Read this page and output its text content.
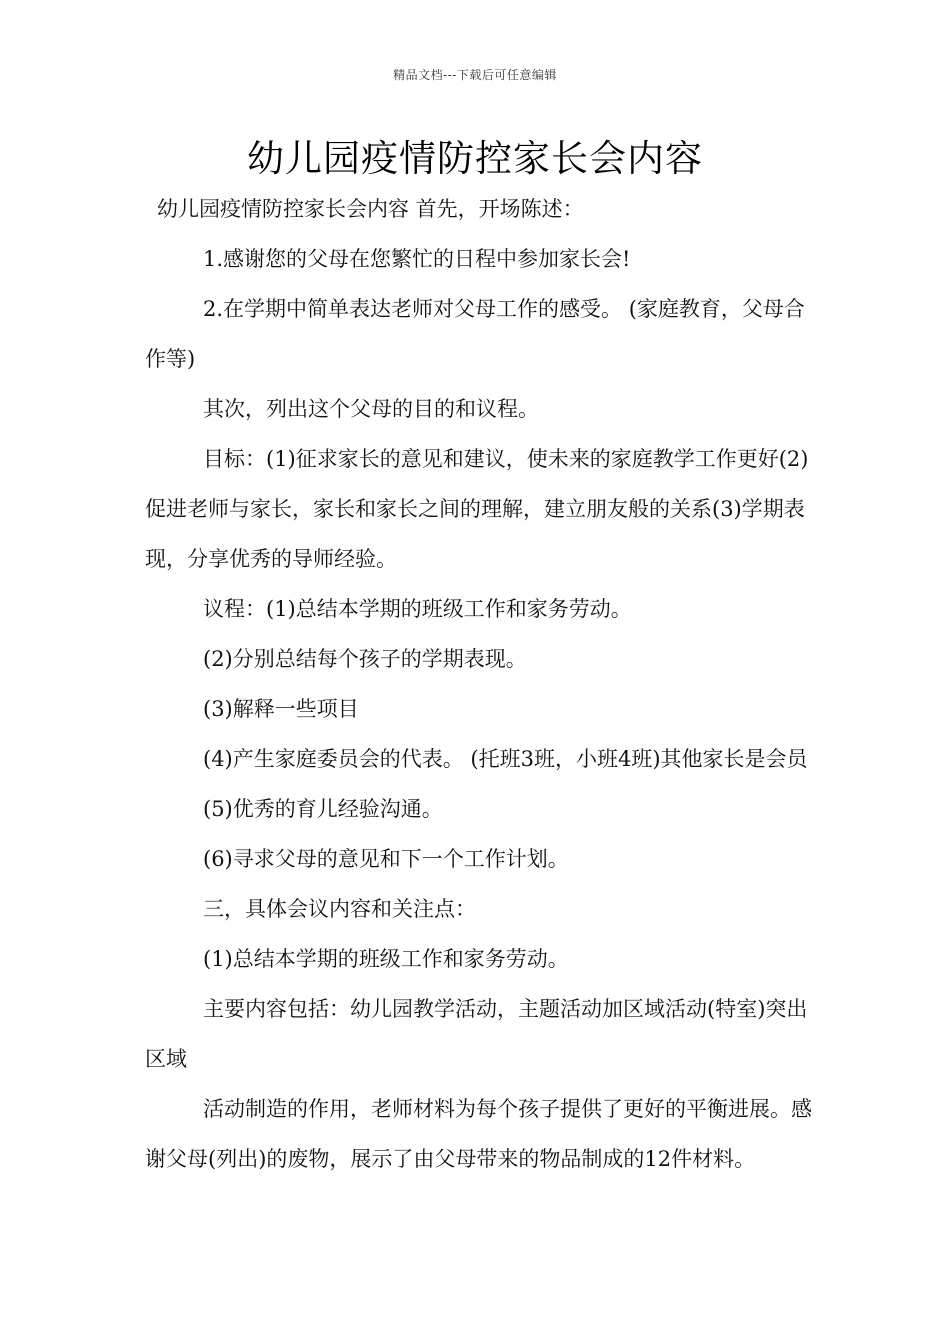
精品文档---下载后可任意编辑
幼儿园疫情防控家长会内容

幼儿园疫情防控家长会内容 首先，开场陈述：

1.感谢您的父母在您繁忙的日程中参加家长会!

2.在学期中简单表达老师对父母工作的感受。 (家庭教育，父母合作等)

其次，列出这个父母的目的和议程。

目标：(1)征求家长的意见和建议，使未来的家庭教学工作更好(2)促进老师与家长，家长和家长之间的理解，建立朋友般的关系(3)学期表现，分享优秀的导师经验。

议程：(1)总结本学期的班级工作和家务劳动。

(2)分别总结每个孩子的学期表现。

(3)解释一些项目

(4)产生家庭委员会的代表。 (托班3班，小班4班)其他家长是会员

(5)优秀的育儿经验沟通。

(6)寻求父母的意见和下一个工作计划。

三，具体会议内容和关注点：

(1)总结本学期的班级工作和家务劳动。

主要内容包括：幼儿园教学活动，主题活动加区域活动(特室)突出区域

活动制造的作用，老师材料为每个孩子提供了更好的平衡进展。感谢父母(列出)的废物，展示了由父母带来的物品制成的12件材料。
